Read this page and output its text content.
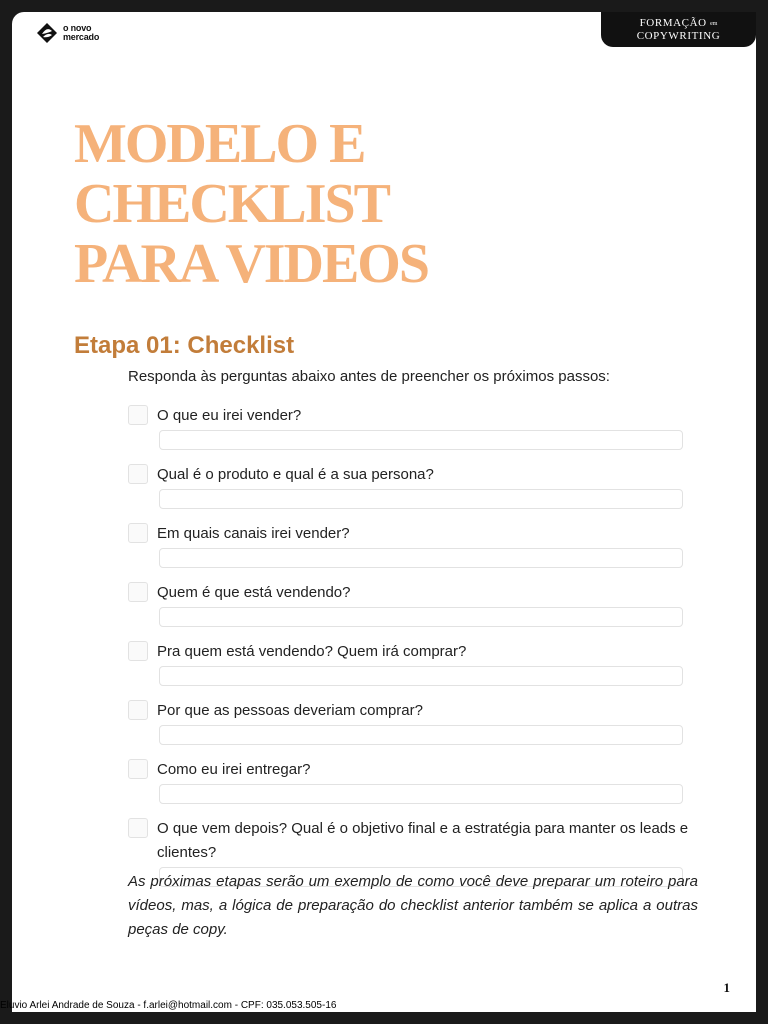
o novo
mercado
FORMAÇÃO em
COPYWRITING
MODELO E
CHECKLIST
PARA VIDEOS
Etapa 01: Checklist
Responda às perguntas abaixo antes de preencher os próximos passos:
O que eu irei vender?
Qual é o produto e qual é a sua persona?
Em quais canais irei vender?
Quem é que está vendendo?
Pra quem está vendendo? Quem irá comprar?
Por que as pessoas deveriam comprar?
Como eu irei entregar?
O que vem depois? Qual é o objetivo final e a estratégia para manter os leads e clientes?

As próximas etapas serão um exemplo de como você deve preparar um roteiro para vídeos, mas, a lógica de preparação do checklist anterior também se aplica a outras peças de copy.

1
Eluvio Arlei Andrade de Souza - f.arlei@hotmail.com - CPF: 035.053.505-16
